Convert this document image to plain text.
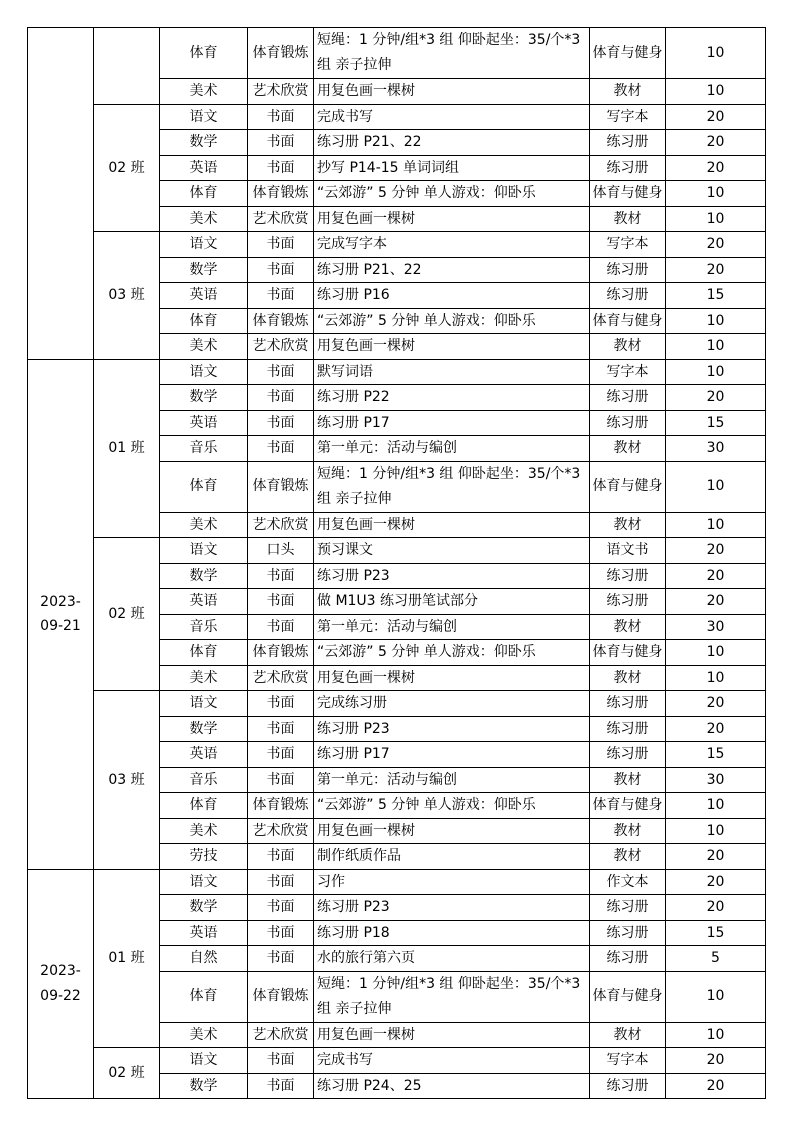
		体育	体育锻炼	短绳：1 分钟/组*3 组 仰卧起坐：35/个*3 组 亲子拉伸	体育与健身	10
		美术	艺术欣赏	用复色画一棵树	教材	10
	02 班	语文	书面	完成书写	写字本	20
		数学	书面	练习册 P21、22	练习册	20
		英语	书面	抄写 P14-15 单词词组	练习册	20
		体育	体育锻炼	“云郊游” 5 分钟 单人游戏：仰卧乐	体育与健身	10
		美术	艺术欣赏	用复色画一棵树	教材	10
	03 班	语文	书面	完成写字本	写字本	20
		数学	书面	练习册 P21、22	练习册	20
		英语	书面	练习册 P16	练习册	15
		体育	体育锻炼	“云郊游” 5 分钟 单人游戏：仰卧乐	体育与健身	10
		美术	艺术欣赏	用复色画一棵树	教材	10
2023-09-21	01 班	语文	书面	默写词语	写字本	10
		数学	书面	练习册 P22	练习册	20
		英语	书面	练习册 P17	练习册	15
		音乐	书面	第一单元：活动与编创	教材	30
		体育	体育锻炼	短绳：1 分钟/组*3 组 仰卧起坐：35/个*3 组 亲子拉伸	体育与健身	10
		美术	艺术欣赏	用复色画一棵树	教材	10
	02 班	语文	口头	预习课文	语文书	20
		数学	书面	练习册 P23	练习册	20
		英语	书面	做 M1U3 练习册笔试部分	练习册	20
		音乐	书面	第一单元：活动与编创	教材	30
		体育	体育锻炼	“云郊游” 5 分钟 单人游戏：仰卧乐	体育与健身	10
		美术	艺术欣赏	用复色画一棵树	教材	10
	03 班	语文	书面	完成练习册	练习册	20
		数学	书面	练习册 P23	练习册	20
		英语	书面	练习册 P17	练习册	15
		音乐	书面	第一单元：活动与编创	教材	30
		体育	体育锻炼	“云郊游” 5 分钟 单人游戏：仰卧乐	体育与健身	10
		美术	艺术欣赏	用复色画一棵树	教材	10
		劳技	书面	制作纸质作品	教材	20
2023-09-22	01 班	语文	书面	习作	作文本	20
		数学	书面	练习册 P23	练习册	20
		英语	书面	练习册 P18	练习册	15
		自然	书面	水的旅行第六页	练习册	5
		体育	体育锻炼	短绳：1 分钟/组*3 组 仰卧起坐：35/个*3 组 亲子拉伸	体育与健身	10
		美术	艺术欣赏	用复色画一棵树	教材	10
	02 班	语文	书面	完成书写	写字本	20
		数学	书面	练习册 P24、25	练习册	20
